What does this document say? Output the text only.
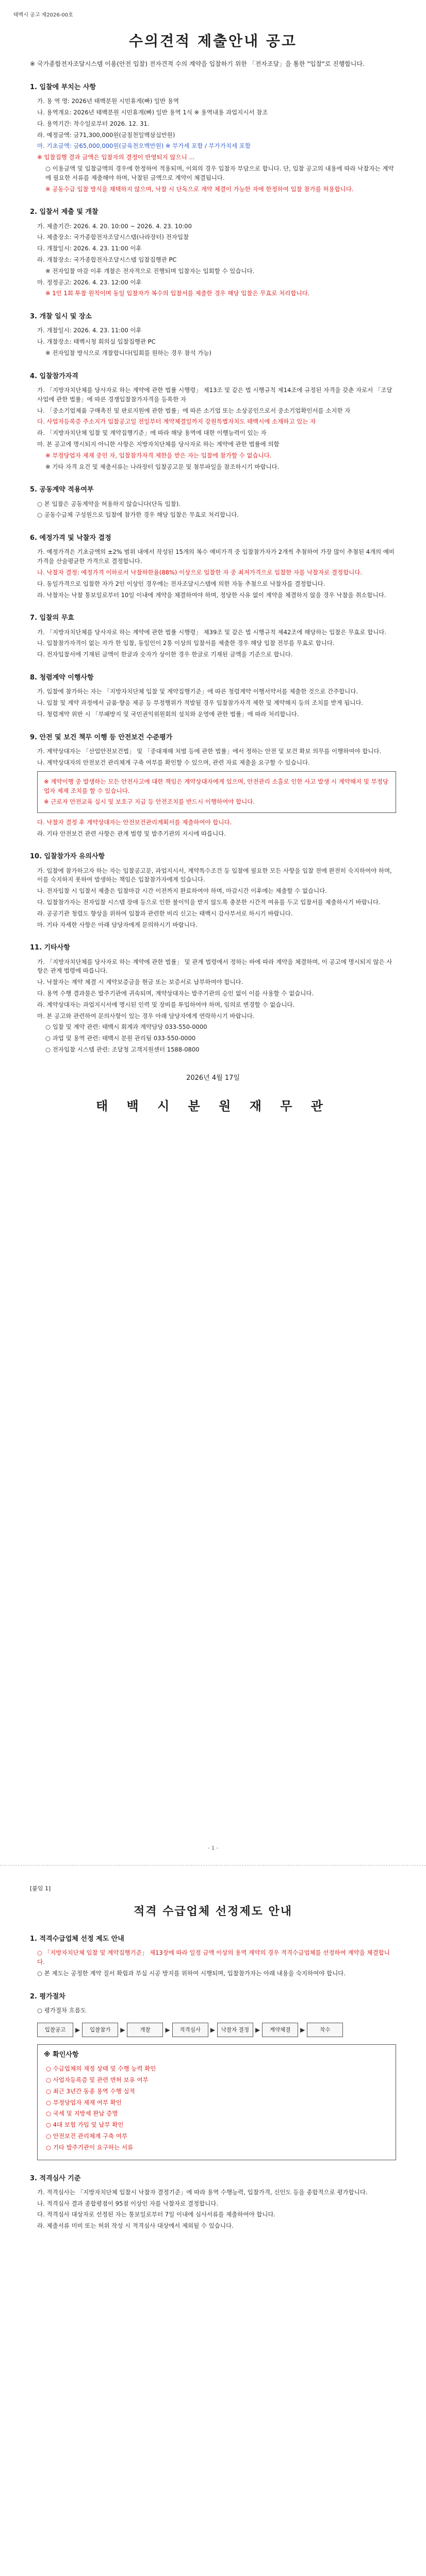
태백시 공고 제2026-00호
수의견적 제출안내 공고
※ 국가종합전자조달시스템 이용(안전 입찰) 전자견적 수의 계약을 입찰하기 위한 「전자조달」을 통한 "입찰"로 진행합니다.
1. 입찰에 부치는 사항
가. 용 역 명: 2026년 태백분원 시민휴게(빠) 일반 용역
나. 용역개요: 2026년 태백분원 시민휴게(빠) 일반 용역 1식 ※ 용역내용 과업지시서 참조
다. 용역기간: 착수일로부터 2026. 12. 31.
라. 예정금액: 금71,300,000원(금칠천일백삼십만원)
마. 기초금액: 금65,000,000원(금육천오백만원) ※ 부가세 포함 / 부가가치세 포함
※ 입찰집행 결과 금액은 입찰자의 결정이 반영되지 않으니 ...
○ 이용금액 및 입찰금액의 경우에 한정하여 적용되며, 이외의 경우 입찰자 부담으로 합니다. 단, 입찰 공고의 내용에 따라 낙찰자는 계약에 필요한 서류를 제출해야 하며, 낙찰된 금액으로 계약이 체결됩니다.
※ 공동수급 입찰 방식을 채택하지 않으며, 낙찰 시 단독으로 계약 체결이 가능한 자에 한정하여 입찰 참가를 허용합니다.
2. 입찰서 제출 및 개찰
가. 제출기간: 2026. 4. 20. 10:00 ~ 2026. 4. 23. 10:00
나. 제출장소: 국가종합전자조달시스템(나라장터) 전자입찰
다. 개찰일시: 2026. 4. 23. 11:00 이후
라. 개찰장소: 국가종합전자조달시스템 입찰집행관 PC
※ 전자입찰 마감 이후 개찰은 전자적으로 진행되며 입찰자는 입회할 수 있습니다.
마. 정정공고: 2026. 4. 23. 12:00 이후
※ 1인 1회 투찰 원칙이며 동일 입찰자가 복수의 입찰서를 제출한 경우 해당 입찰은 무효로 처리합니다.
3. 개찰 일시 및 장소
가. 개찰일시: 2026. 4. 23. 11:00 이후
나. 개찰장소: 태백시청 회의실 입찰집행관 PC
※ 전자입찰 방식으로 개찰합니다(입회를 원하는 경우 참석 가능)
4. 입찰참가자격
가. 「지방자치단체를 당사자로 하는 계약에 관한 법률 시행령」 제13조 및 같은 법 시행규칙 제14조에 규정된 자격을 갖춘 자로서 「조달사업에 관한 법률」에 따른 경쟁입찰참가자격을 등록한 자
나. 「중소기업제품 구매촉진 및 판로지원에 관한 법률」에 따른 소기업 또는 소상공인으로서 중소기업확인서를 소지한 자
다. 사업자등록증 주소지가 입찰공고일 전일부터 계약체결일까지 강원특별자치도 태백시에 소재하고 있는 자
라. 「지방자치단체 입찰 및 계약집행기준」에 따라 해당 용역에 대한 이행능력이 있는 자
마. 본 공고에 명시되지 아니한 사항은 지방자치단체를 당사자로 하는 계약에 관한 법률에 의함
※ 부정당업자 제재 중인 자, 입찰참가자격 제한을 받은 자는 입찰에 참가할 수 없습니다.
※ 기타 자격 요건 및 제출서류는 나라장터 입찰공고문 및 첨부파일을 참조하시기 바랍니다.
5. 공동계약 적용여부
○ 본 입찰은 공동계약을 허용하지 않습니다(단독 입찰).
○ 공동수급체 구성원으로 입찰에 참가한 경우 해당 입찰은 무효로 처리합니다.
6. 예정가격 및 낙찰자 결정
가. 예정가격은 기초금액의 ±2% 범위 내에서 작성된 15개의 복수 예비가격 중 입찰참가자가 2개씩 추첨하여 가장 많이 추첨된 4개의 예비가격을 산술평균한 가격으로 결정합니다.
나. 낙찰자 결정: 예정가격 이하로서 낙찰하한율(88%) 이상으로 입찰한 자 중 최저가격으로 입찰한 자를 낙찰자로 결정합니다.
다. 동일가격으로 입찰한 자가 2인 이상인 경우에는 전자조달시스템에 의한 자동 추첨으로 낙찰자를 결정합니다.
라. 낙찰자는 낙찰 통보일로부터 10일 이내에 계약을 체결하여야 하며, 정당한 사유 없이 계약을 체결하지 않을 경우 낙찰을 취소합니다.
7. 입찰의 무효
가. 「지방자치단체를 당사자로 하는 계약에 관한 법률 시행령」 제39조 및 같은 법 시행규칙 제42조에 해당하는 입찰은 무효로 합니다.
나. 입찰참가자격이 없는 자가 한 입찰, 동일인이 2통 이상의 입찰서를 제출한 경우 해당 입찰 전부를 무효로 합니다.
다. 전자입찰서에 기재된 금액이 한글과 숫자가 상이한 경우 한글로 기재된 금액을 기준으로 합니다.
8. 청렴계약 이행사항
가. 입찰에 참가하는 자는 「지방자치단체 입찰 및 계약집행기준」에 따른 청렴계약 이행서약서를 제출한 것으로 간주합니다.
나. 입찰 및 계약 과정에서 금품·향응 제공 등 부정행위가 적발될 경우 입찰참가자격 제한 및 계약해지 등의 조치를 받게 됩니다.
다. 청렴계약 위반 시 「부패방지 및 국민권익위원회의 설치와 운영에 관한 법률」에 따라 처리합니다.
9. 안전 및 보건 책무 이행 등 안전보건 수준평가
가. 계약상대자는 「산업안전보건법」 및 「중대재해 처벌 등에 관한 법률」에서 정하는 안전 및 보건 확보 의무를 이행하여야 합니다.
나. 계약상대자의 안전보건 관리체계 구축 여부를 확인할 수 있으며, 관련 자료 제출을 요구할 수 있습니다.
※ 계약이행 중 발생하는 모든 안전사고에 대한 책임은 계약상대자에게 있으며, 안전관리 소홀로 인한 사고 발생 시 계약해지 및 부정당업자 제재 조치를 할 수 있습니다.
※ 근로자 안전교육 실시 및 보호구 지급 등 안전조치를 반드시 이행하여야 합니다.
다. 낙찰자 결정 후 계약상대자는 안전보건관리계획서를 제출하여야 합니다.
라. 기타 안전보건 관련 사항은 관계 법령 및 발주기관의 지시에 따릅니다.
10. 입찰참가자 유의사항
가. 입찰에 참가하고자 하는 자는 입찰공고문, 과업지시서, 계약특수조건 등 입찰에 필요한 모든 사항을 입찰 전에 완전히 숙지하여야 하며, 이를 숙지하지 못하여 발생하는 책임은 입찰참가자에게 있습니다.
나. 전자입찰 시 입찰서 제출은 입찰마감 시간 이전까지 완료하여야 하며, 마감시간 이후에는 제출할 수 없습니다.
다. 입찰참가자는 전자입찰 시스템 장애 등으로 인한 불이익을 받지 않도록 충분한 시간적 여유를 두고 입찰서를 제출하시기 바랍니다.
라. 공공기관 청렴도 향상을 위하여 입찰과 관련한 비리 신고는 태백시 감사부서로 하시기 바랍니다.
마. 기타 자세한 사항은 아래 담당자에게 문의하시기 바랍니다.
11. 기타사항
가. 「지방자치단체를 당사자로 하는 계약에 관한 법률」 및 관계 법령에서 정하는 바에 따라 계약을 체결하며, 이 공고에 명시되지 않은 사항은 관계 법령에 따릅니다.
나. 낙찰자는 계약 체결 시 계약보증금을 현금 또는 보증서로 납부하여야 합니다.
다. 용역 수행 결과물은 발주기관에 귀속되며, 계약상대자는 발주기관의 승인 없이 이를 사용할 수 없습니다.
라. 계약상대자는 과업지시서에 명시된 인력 및 장비를 투입하여야 하며, 임의로 변경할 수 없습니다.
마. 본 공고와 관련하여 문의사항이 있는 경우 아래 담당자에게 연락하시기 바랍니다.
○ 입찰 및 계약 관련: 태백시 회계과 계약담당 033-550-0000
○ 과업 및 용역 관련: 태백시 분원 관리팀 033-550-0000
○ 전자입찰 시스템 관련: 조달청 고객지원센터 1588-0800
2026년 4월 17일
태 백 시 분 원 재 무 관
- 1 -
[붙임 1]
적격 수급업체 선정제도 안내
1. 적격수급업체 선정 제도 안내
○ 「지방자치단체 입찰 및 계약집행기준」 제13장에 따라 일정 금액 이상의 용역 계약의 경우 적격수급업체를 선정하여 계약을 체결합니다.
○ 본 제도는 공정한 계약 질서 확립과 부실 시공 방지를 위하여 시행되며, 입찰참가자는 아래 내용을 숙지하여야 합니다.
2. 평가절차
○ 평가절차 흐름도
입찰공고	▶	입찰참가	▶	개찰	▶	적격심사	▶	낙찰자 결정 ▶	계약체결	▶	착수
※ 확인사항
○ 수급업체의 재정 상태 및 수행 능력 확인
○ 사업자등록증 및 관련 면허 보유 여부
○ 최근 3년간 동종 용역 수행 실적
○ 부정당업자 제재 여부 확인
○ 국세 및 지방세 완납 증명
○ 4대 보험 가입 및 납부 확인
○ 안전보건 관리체계 구축 여부
○ 기타 발주기관이 요구하는 서류
3. 적격심사 기준
가. 적격심사는 「지방자치단체 입찰시 낙찰자 결정기준」에 따라 용역 수행능력, 입찰가격, 신인도 등을 종합적으로 평가합니다.
나. 적격심사 결과 종합평점이 95점 이상인 자를 낙찰자로 결정합니다.
다. 적격심사 대상자로 선정된 자는 통보일로부터 7일 이내에 심사서류를 제출하여야 합니다.
라. 제출서류 미비 또는 허위 작성 시 적격심사 대상에서 제외될 수 있습니다.
